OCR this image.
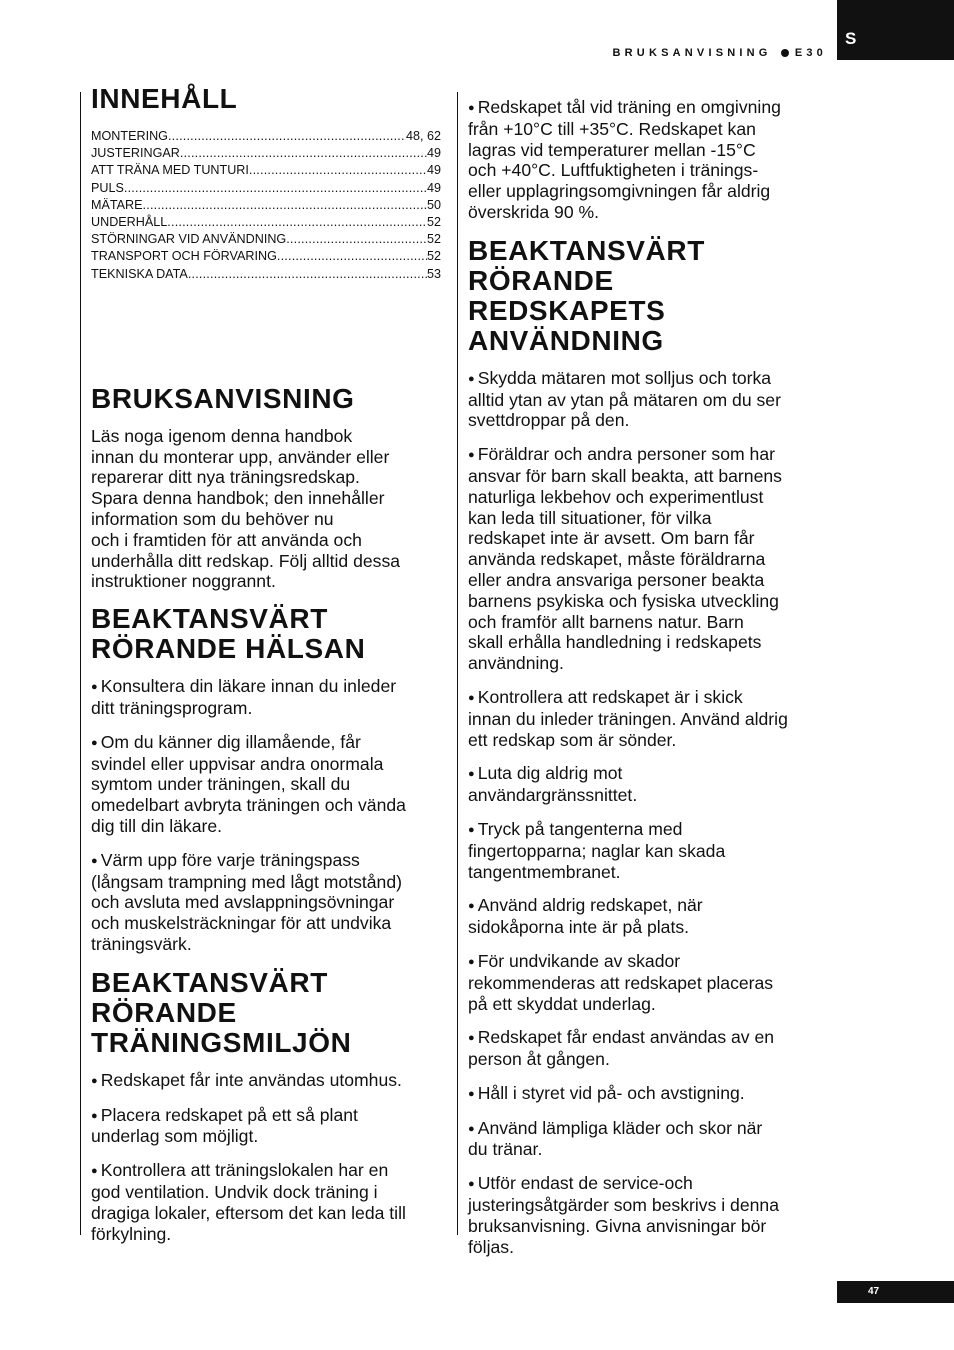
S
BRUKSANVISNING E30
INNEHÅLL
MONTERING .....	48, 62
JUSTERINGAR .....	49
ATT TRÄNA MED TUNTURI .....	49
PULS .....	49
MÄTARE .....	50
UNDERHÅLL .....	52
STÖRNINGAR VID ANVÄNDNING .....	52
TRANSPORT OCH FÖRVARING .....	52
TEKNISKA DATA .....	53
BRUKSANVISNING

Läs noga igenom denna handbok
innan du monterar upp, använder eller
reparerar ditt nya träningsredskap.
Spara denna handbok; den innehåller
information som du behöver nu
och i framtiden för att använda och
underhålla ditt redskap. Följ alltid dessa
instruktioner noggrannt.

BEAKTANSVÄRT
RÖRANDE HÄLSAN

● Konsultera din läkare innan du inleder
ditt träningsprogram.

● Om du känner dig illamående, får
svindel eller uppvisar andra onormala
symtom under träningen, skall du
omedelbart avbryta träningen och vända
dig till din läkare.

● Värm upp före varje träningspass
(långsam trampning med lågt motstånd)
och avsluta med avslappningsövningar
och muskelsträckningar för att undvika
träningsvärk.

BEAKTANSVÄRT
RÖRANDE
TRÄNINGSMILJÖN

● Redskapet får inte användas utomhus.

● Placera redskapet på ett så plant
underlag som möjligt.

● Kontrollera att träningslokalen har en
god ventilation. Undvik dock träning i
dragiga lokaler, eftersom det kan leda till
förkylning.

● Redskapet tål vid träning en omgivning
från +10°C till +35°C. Redskapet kan
lagras vid temperaturer mellan -15°C
och +40°C. Luftfuktigheten i tränings-
eller upplagringsomgivningen får aldrig
överskrida 90 %.

BEAKTANSVÄRT
RÖRANDE
REDSKAPETS
ANVÄNDNING

● Skydda mätaren mot solljus och torka
alltid ytan av ytan på mätaren om du ser
svettdroppar på den.

● Föräldrar och andra personer som har
ansvar för barn skall beakta, att barnens
naturliga lekbehov och experimentlust
kan leda till situationer, för vilka
redskapet inte är avsett. Om barn får
använda redskapet, måste föräldrarna
eller andra ansvariga personer beakta
barnens psykiska och fysiska utveckling
och framför allt barnens natur. Barn
skall erhålla handledning i redskapets
användning.

● Kontrollera att redskapet är i skick
innan du inleder träningen. Använd aldrig
ett redskap som är sönder.

● Luta dig aldrig mot
användargränssnittet.

● Tryck på tangenterna med
fingertopparna; naglar kan skada
tangentmembranet.

● Använd aldrig redskapet, när
sidokåporna inte är på plats.

● För undvikande av skador
rekommenderas att redskapet placeras
på ett skyddat underlag.

● Redskapet får endast användas av en
person åt gången.

● Håll i styret vid på- och avstigning.

● Använd lämpliga kläder och skor när
du tränar.

● Utför endast de service-och
justeringsåtgärder som beskrivs i denna
bruksanvisning. Givna anvisningar bör
följas.

47
